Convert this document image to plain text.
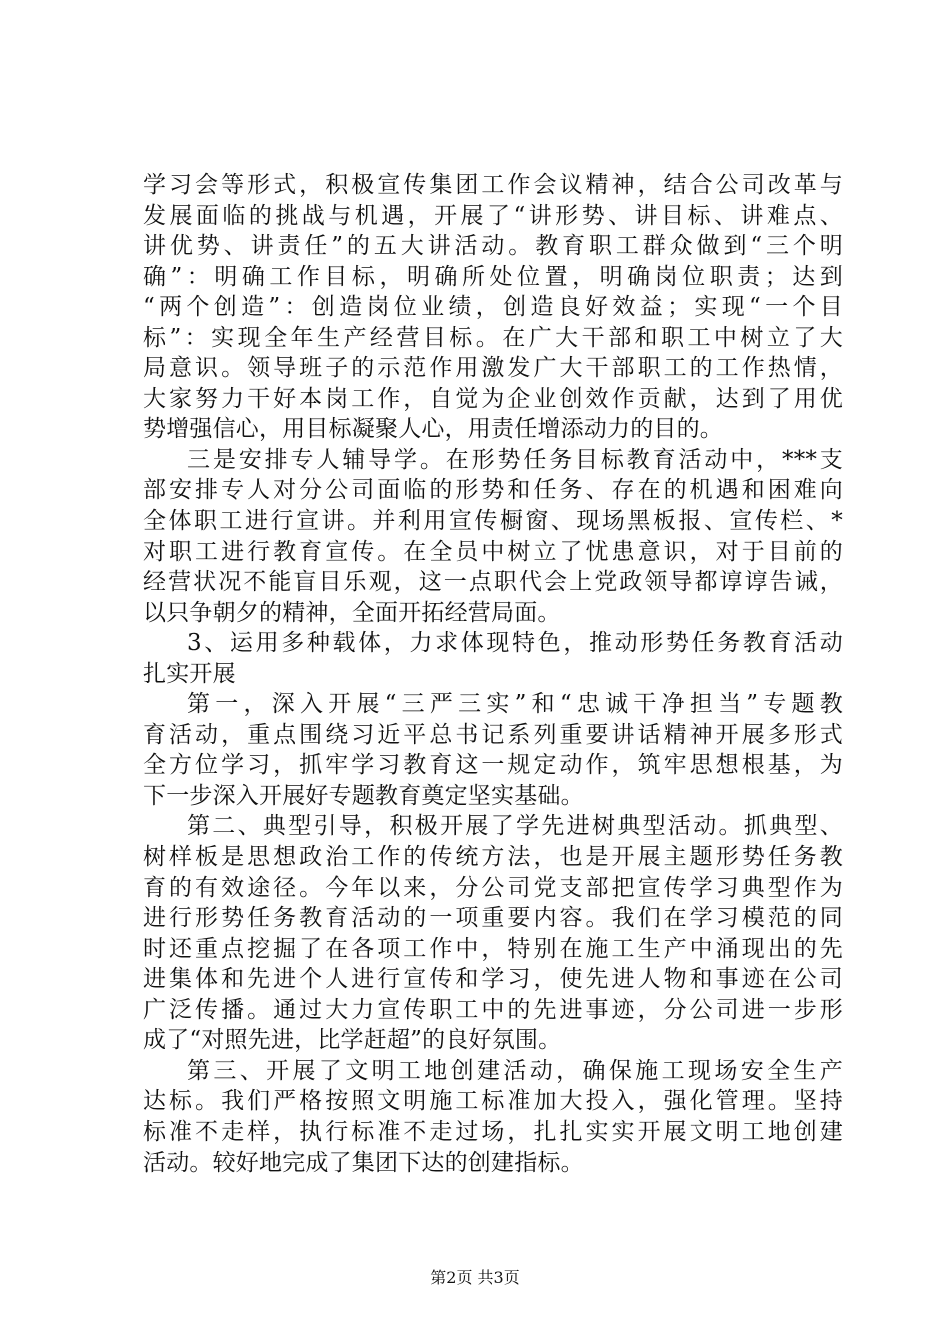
学习会等形式，积极宣传集团工作会议精神，结合公司改革与
发展面临的挑战与机遇，开展了“讲形势、讲目标、讲难点、
讲优势、讲责任”的五大讲活动。教育职工群众做到“三个明
确”：明确工作目标，明确所处位置，明确岗位职责；达到
“两个创造”：创造岗位业绩，创造良好效益；实现“一个目
标”：实现全年生产经营目标。在广大干部和职工中树立了大
局意识。领导班子的示范作用激发广大干部职工的工作热情，
大家努力干好本岗工作，自觉为企业创效作贡献，达到了用优
势增强信心，用目标凝聚人心，用责任增添动力的目的。
三是安排专人辅导学。在形势任务目标教育活动中，***支
部安排专人对分公司面临的形势和任务、存在的机遇和困难向
全体职工进行宣讲。并利用宣传橱窗、现场黑板报、宣传栏、*
对职工进行教育宣传。在全员中树立了忧患意识，对于目前的
经营状况不能盲目乐观，这一点职代会上党政领导都谆谆告诫，
以只争朝夕的精神，全面开拓经营局面。
3、运用多种载体，力求体现特色，推动形势任务教育活动
扎实开展
第一，深入开展“三严三实”和“忠诚干净担当”专题教
育活动，重点围绕习近平总书记系列重要讲话精神开展多形式
全方位学习，抓牢学习教育这一规定动作，筑牢思想根基，为
下一步深入开展好专题教育奠定坚实基础。
第二、典型引导，积极开展了学先进树典型活动。抓典型、
树样板是思想政治工作的传统方法，也是开展主题形势任务教
育的有效途径。今年以来，分公司党支部把宣传学习典型作为
进行形势任务教育活动的一项重要内容。我们在学习模范的同
时还重点挖掘了在各项工作中，特别在施工生产中涌现出的先
进集体和先进个人进行宣传和学习，使先进人物和事迹在公司
广泛传播。通过大力宣传职工中的先进事迹，分公司进一步形
成了“对照先进，比学赶超”的良好氛围。
第三、开展了文明工地创建活动，确保施工现场安全生产
达标。我们严格按照文明施工标准加大投入，强化管理。坚持
标准不走样，执行标准不走过场，扎扎实实开展文明工地创建
活动。较好地完成了集团下达的创建指标。
第2页 共3页
